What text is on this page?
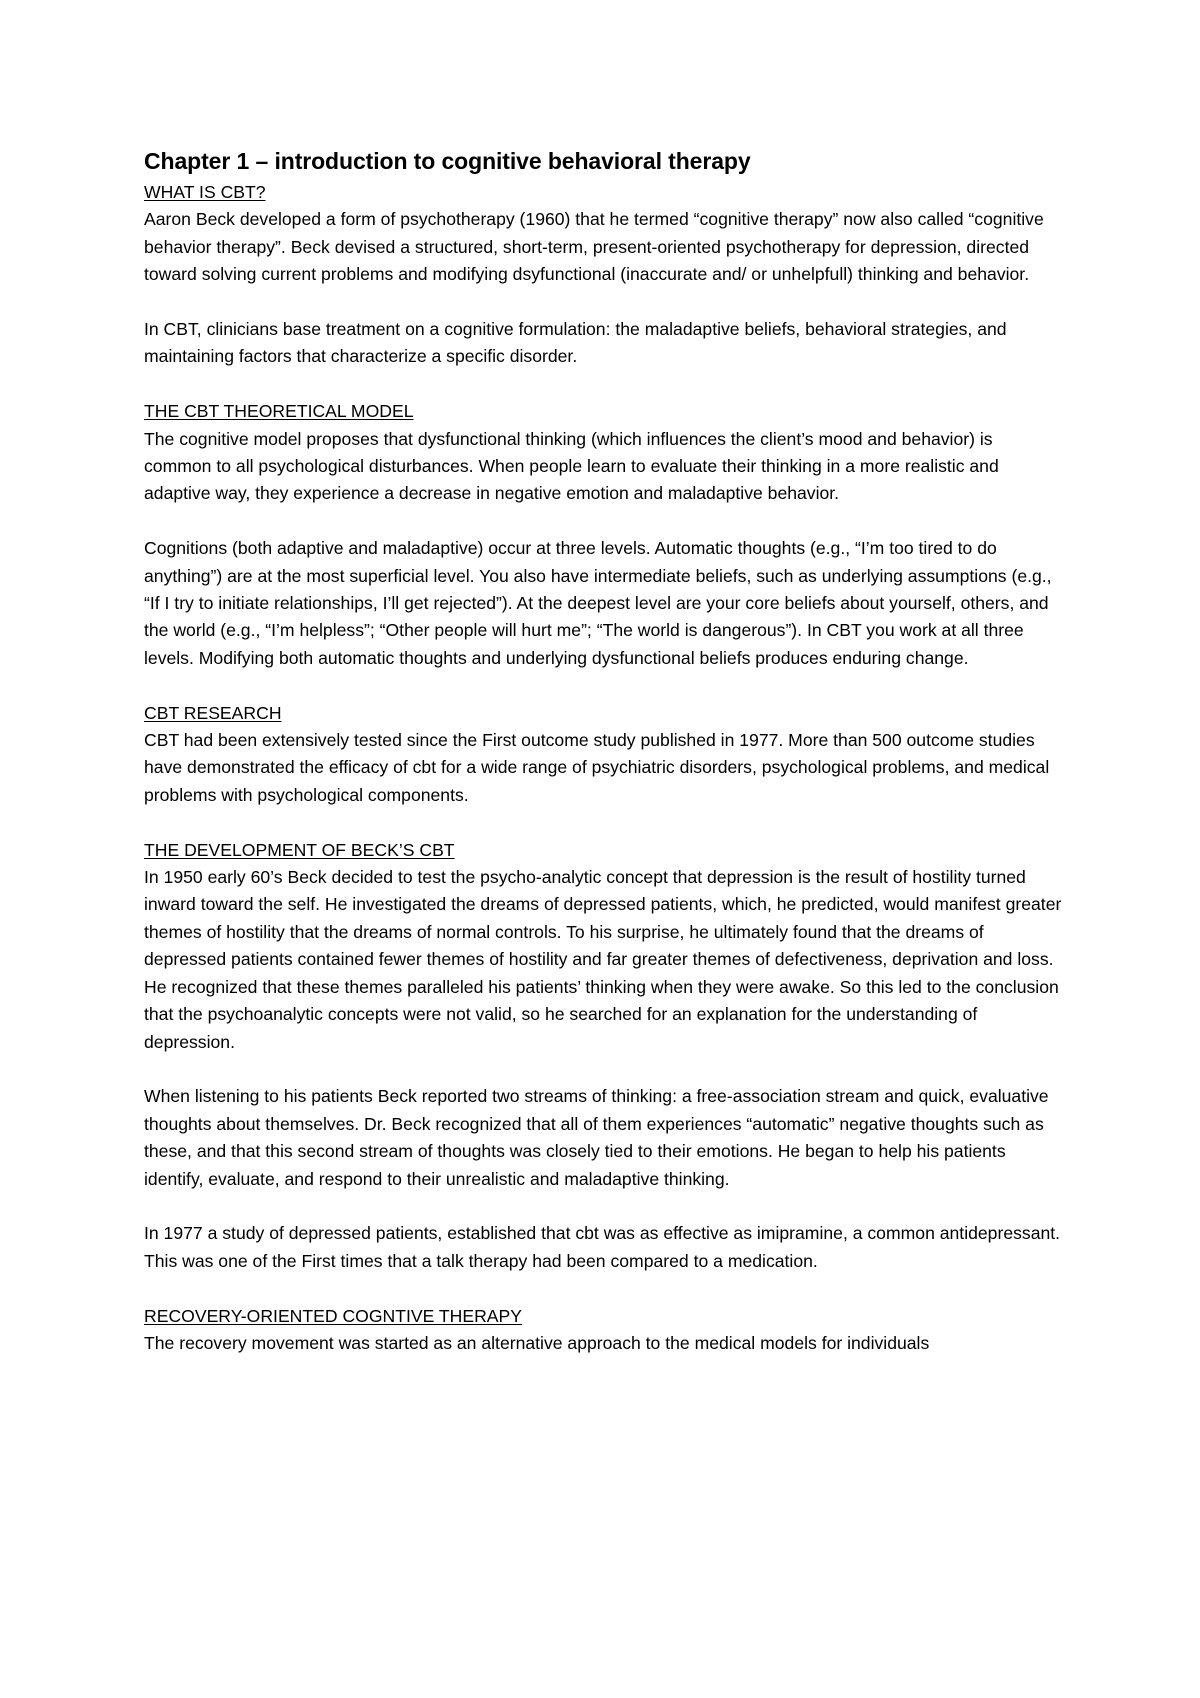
Chapter 1 – introduction to cognitive behavioral therapy
WHAT IS CBT?

Aaron Beck developed a form of psychotherapy (1960) that he termed “cognitive therapy” now also called “cognitive behavior therapy”. Beck devised a structured, short-term, present-oriented psychotherapy for depression, directed toward solving current problems and modifying dsyfunctional (inaccurate and/ or unhelpfull) thinking and behavior.

In CBT, clinicians base treatment on a cognitive formulation: the maladaptive beliefs, behavioral strategies, and maintaining factors that characterize a specific disorder.

THE CBT THEORETICAL MODEL

The cognitive model proposes that dysfunctional thinking (which influences the client’s mood and behavior) is common to all psychological disturbances. When people learn to evaluate their thinking in a more realistic and adaptive way, they experience a decrease in negative emotion and maladaptive behavior.

Cognitions (both adaptive and maladaptive) occur at three levels. Automatic thoughts (e.g., “I’m too tired to do anything”) are at the most superficial level. You also have intermediate beliefs, such as underlying assumptions (e.g., “If I try to initiate relationships, I’ll get rejected”). At the deepest level are your core beliefs about yourself, others, and the world (e.g., “I’m helpless”; “Other people will hurt me”; “The world is dangerous”). In CBT you work at all three levels. Modifying both automatic thoughts and underlying dysfunctional beliefs produces enduring change.

CBT RESEARCH

CBT had been extensively tested since the First outcome study published in 1977. More than 500 outcome studies have demonstrated the efficacy of cbt for a wide range of psychiatric disorders, psychological problems, and medical problems with psychological components.

THE DEVELOPMENT OF BECK’S CBT

In 1950 early 60’s Beck decided to test the psycho-analytic concept that depression is the result of hostility turned inward toward the self. He investigated the dreams of depressed patients, which, he predicted, would manifest greater themes of hostility that the dreams of normal controls. To his surprise, he ultimately found that the dreams of depressed patients contained fewer themes of hostility and far greater themes of defectiveness, deprivation and loss. He recognized that these themes paralleled his patients’ thinking when they were awake. So this led to the conclusion that the psychoanalytic concepts were not valid, so he searched for an explanation for the understanding of depression.

When listening to his patients Beck reported two streams of thinking: a free-association stream and quick, evaluative thoughts about themselves. Dr. Beck recognized that all of them experiences “automatic” negative thoughts such as these, and that this second stream of thoughts was closely tied to their emotions. He began to help his patients identify, evaluate, and respond to their unrealistic and maladaptive thinking.

In 1977 a study of depressed patients, established that cbt was as effective as imipramine, a common antidepressant. This was one of the First times that a talk therapy had been compared to a medication.

RECOVERY-ORIENTED COGNTIVE THERAPY

The recovery movement was started as an alternative approach to the medical models for individuals
